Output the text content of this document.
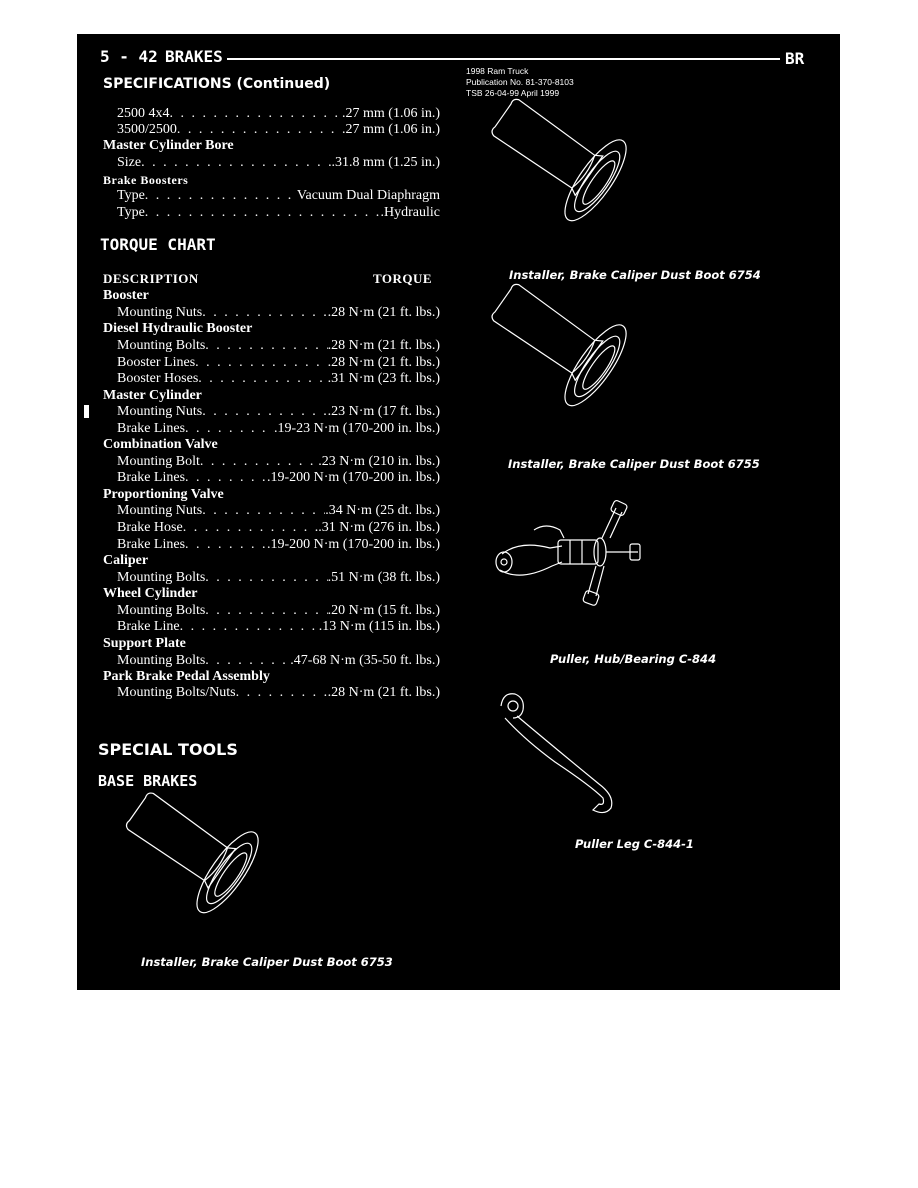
5 - 42 BRAKES	BR
1998 Ram Truck
Publication No. 81-370-8103
TSB 26-04-99 April 1999
SPECIFICATIONS (Continued)
2500 4x4 . . .	.27 mm (1.06 in.)
3500/2500 . . .	.27 mm (1.06 in.)
Master Cylinder Bore
Size . . .	.31.8 mm (1.25 in.)
Brake Boosters
Type . . .	Vacuum Dual Diaphragm
Type . . .	.Hydraulic
TORQUE CHART
DESCRIPTION	TORQUE
Booster
Mounting Nuts . . .	.28 N·m (21 ft. lbs.)
Diesel Hydraulic Booster
Mounting Bolts . . .	.28 N·m (21 ft. lbs.)
Booster Lines . . .	.28 N·m (21 ft. lbs.)
Booster Hoses . . .	.31 N·m (23 ft. lbs.)
Master Cylinder
Mounting Nuts . . .	.23 N·m (17 ft. lbs.)
Brake Lines . . .	.19-23 N·m (170-200 in. lbs.)
Combination Valve
Mounting Bolt . . .	.23 N·m (210 in. lbs.)
Brake Lines . . .	.19-200 N·m (170-200 in. lbs.)
Proportioning Valve
Mounting Nuts . . .	.34 N·m (25 dt. lbs.)
Brake Hose . . .	.31 N·m (276 in. lbs.)
Brake Lines . . .	.19-200 N·m (170-200 in. lbs.)
Caliper
Mounting Bolts . . .	.51 N·m (38 ft. lbs.)
Wheel Cylinder
Mounting Bolts . . .	.20 N·m (15 ft. lbs.)
Brake Line . . .	.13 N·m (115 in. lbs.)
Support Plate
Mounting Bolts . . .	.47-68 N·m (35-50 ft. lbs.)
Park Brake Pedal Assembly
Mounting Bolts/Nuts . . .	.28 N·m (21 ft. lbs.)
SPECIAL TOOLS
BASE BRAKES
Installer, Brake Caliper Dust Boot 6753
Installer, Brake Caliper Dust Boot 6754
Installer, Brake Caliper Dust Boot 6755
Puller, Hub/Bearing C-844
Puller Leg C-844-1
